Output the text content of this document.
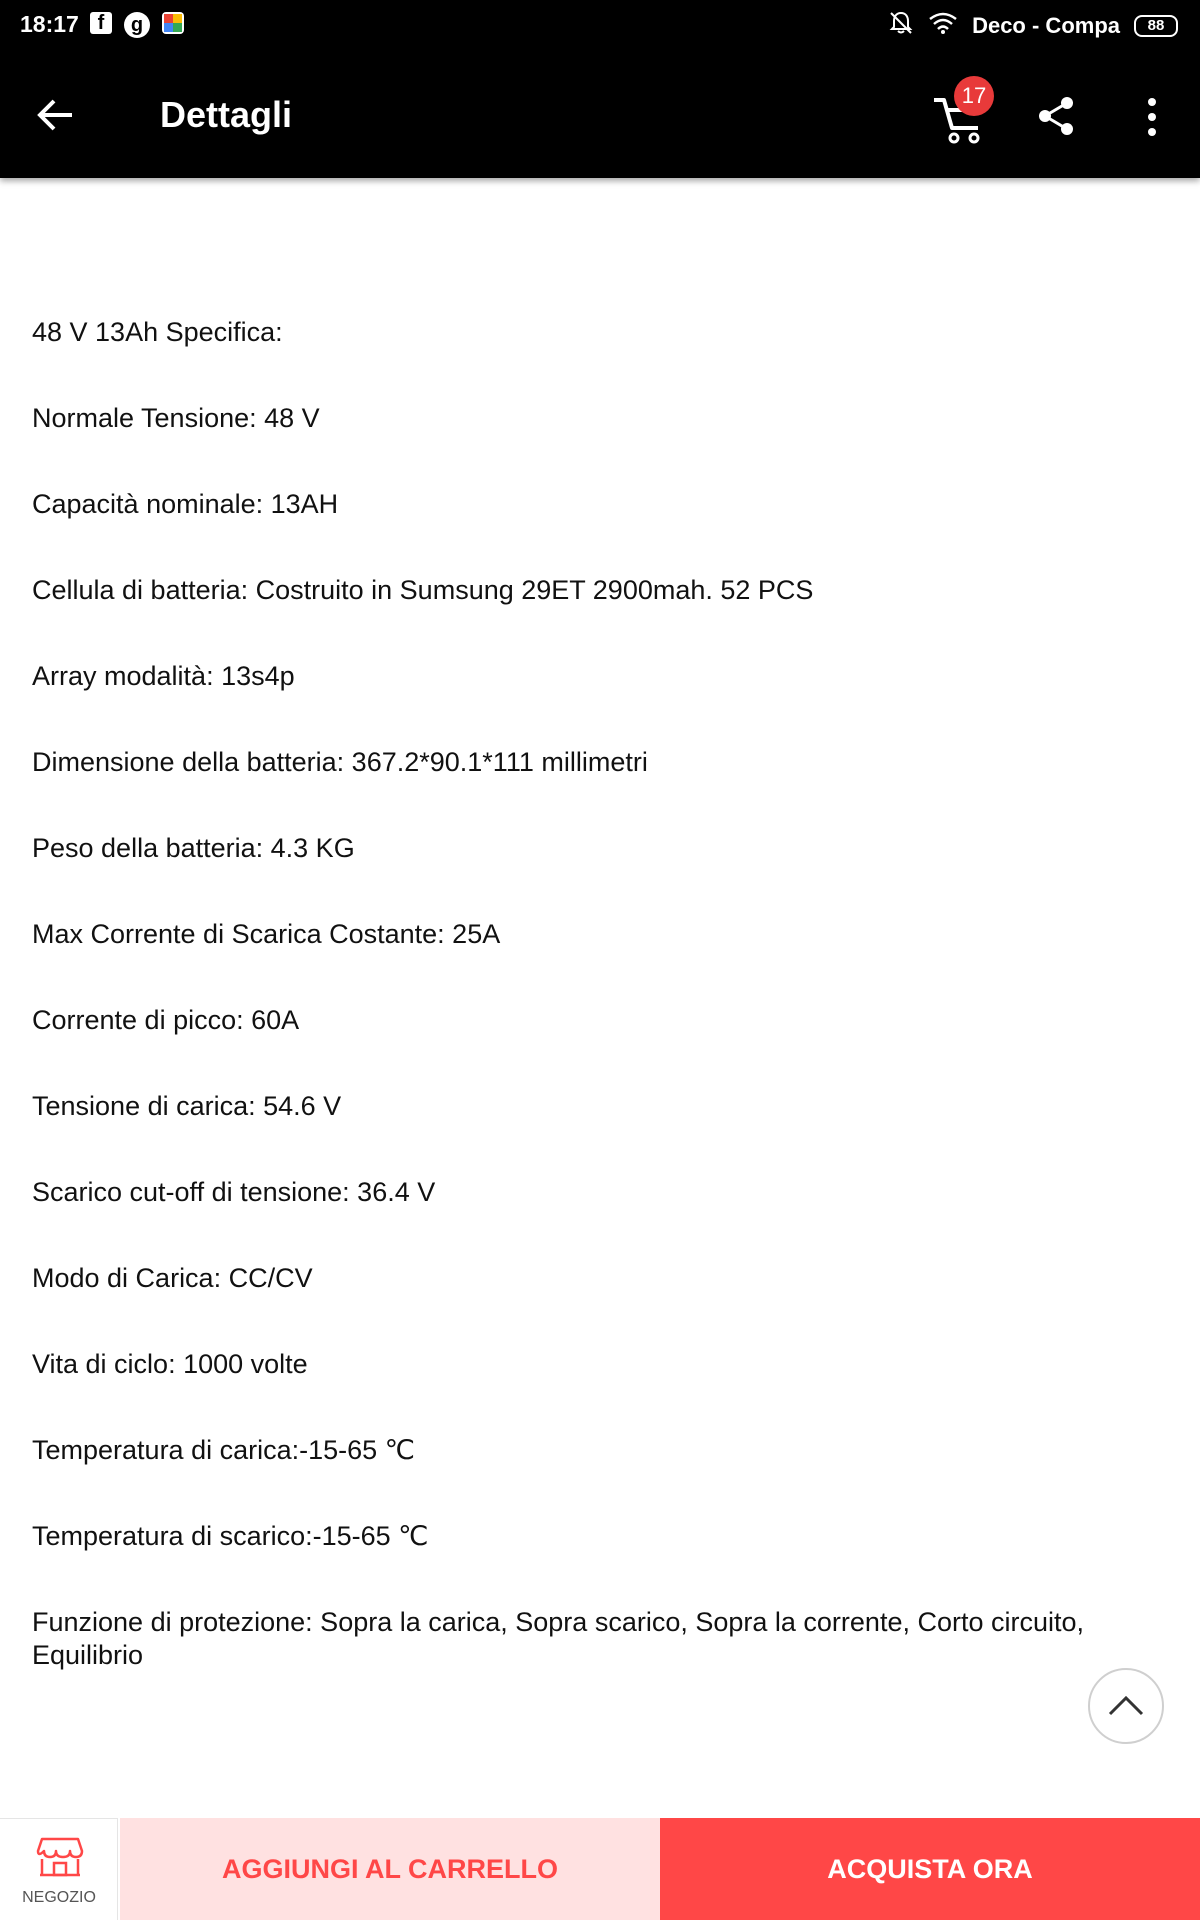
18:17 f	g	Deco - Compa	88
Dettagli	17

48 V 13Ah Specifica:

Normale Tensione: 48 V

Capacità nominale: 13AH

Cellula di batteria: Costruito in Sumsung 29ET 2900mah. 52 PCS

Array modalità: 13s4p

Dimensione della batteria: 367.2*90.1*111 millimetri

Peso della batteria: 4.3 KG

Max Corrente di Scarica Costante: 25A

Corrente di picco: 60A

Tensione di carica: 54.6 V

Scarico cut-off di tensione: 36.4 V

Modo di Carica: CC/CV

Vita di ciclo: 1000 volte

Temperatura di carica:-15-65 ℃

Temperatura di scarico:-15-65 ℃

Funzione di protezione: Sopra la carica, Sopra scarico, Sopra la corrente, Corto circuito, Equilibrio

NEGOZIO
AGGIUNGI AL CARRELLO	ACQUISTA ORA
